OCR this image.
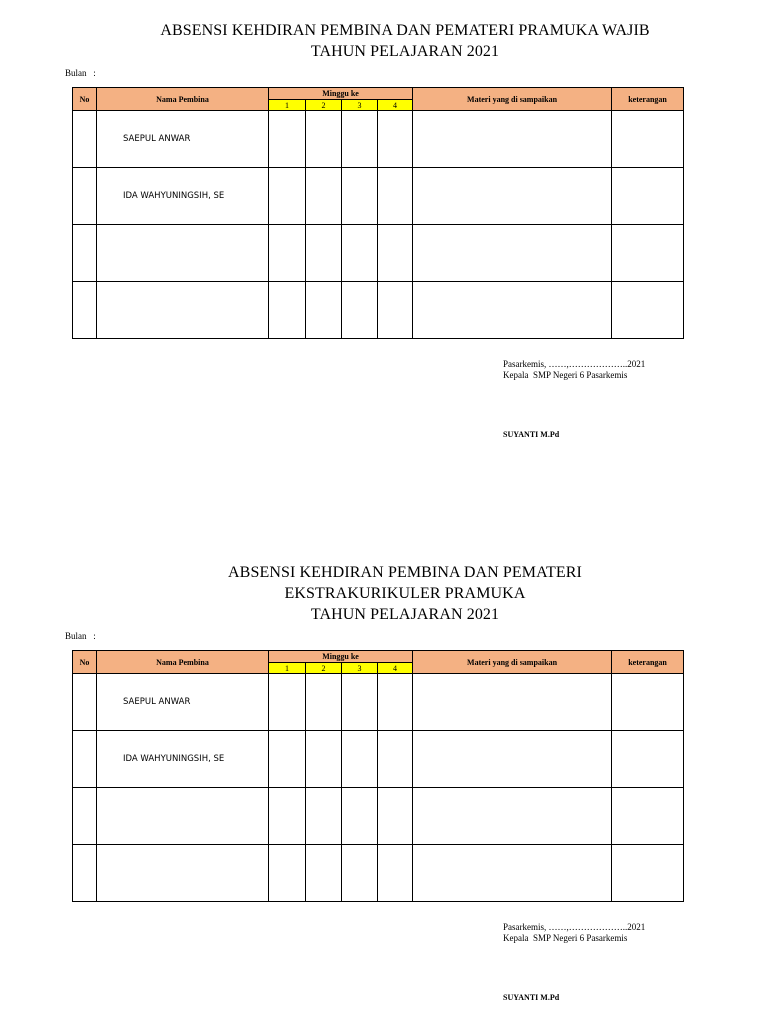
ABSENSI KEHDIRAN PEMBINA DAN PEMATERI PRAMUKA WAJIB
TAHUN PELAJARAN 2021
Bulan   :
No	Nama Pembina	Minggu ke				Materi yang di sampaikan	keterangan
		1	2	3	4		
	SAEPUL ANWAR						
	IDA WAHYUNINGSIH, SE						

Pasarkemis, ……,………………..2021
Kepala  SMP Negeri 6 Pasarkemis
SUYANTI M.Pd
ABSENSI KEHDIRAN PEMBINA DAN PEMATERI
EKSTRAKURIKULER PRAMUKA
TAHUN PELAJARAN 2021
Bulan   :
No	Nama Pembina	Minggu ke				Materi yang di sampaikan	keterangan
		1	2	3	4		
	SAEPUL ANWAR						
	IDA WAHYUNINGSIH, SE						

Pasarkemis, ……,………………..2021
Kepala  SMP Negeri 6 Pasarkemis
SUYANTI M.Pd
